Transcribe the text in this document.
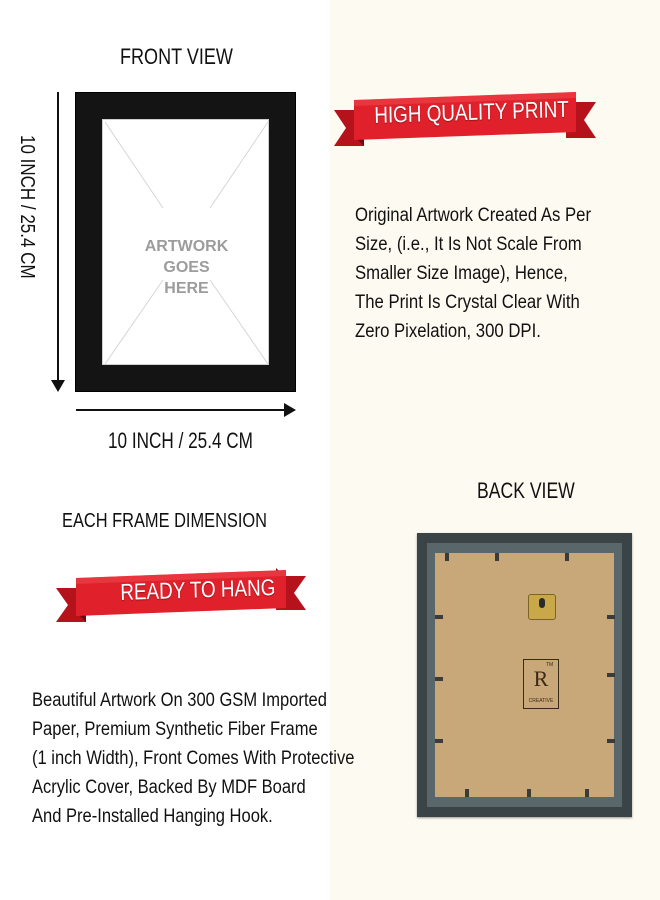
FRONT VIEW
ARTWORK
GOES
HERE
10 INCH / 25.4 CM
10 INCH / 25.4 CM
EACH FRAME DIMENSION
HIGH QUALITY PRINT
Original Artwork Created As Per
Size, (i.e., It Is Not Scale From
Smaller Size Image), Hence,
The Print Is Crystal Clear With
Zero Pixelation, 300 DPI.
READY TO HANG
Beautiful Artwork On 300 GSM Imported
Paper, Premium Synthetic Fiber Frame
(1 inch Width), Front Comes With Protective
Acrylic Cover, Backed By MDF Board
And Pre-Installed Hanging Hook.
BACK VIEW
R
TM
CREATIVE
